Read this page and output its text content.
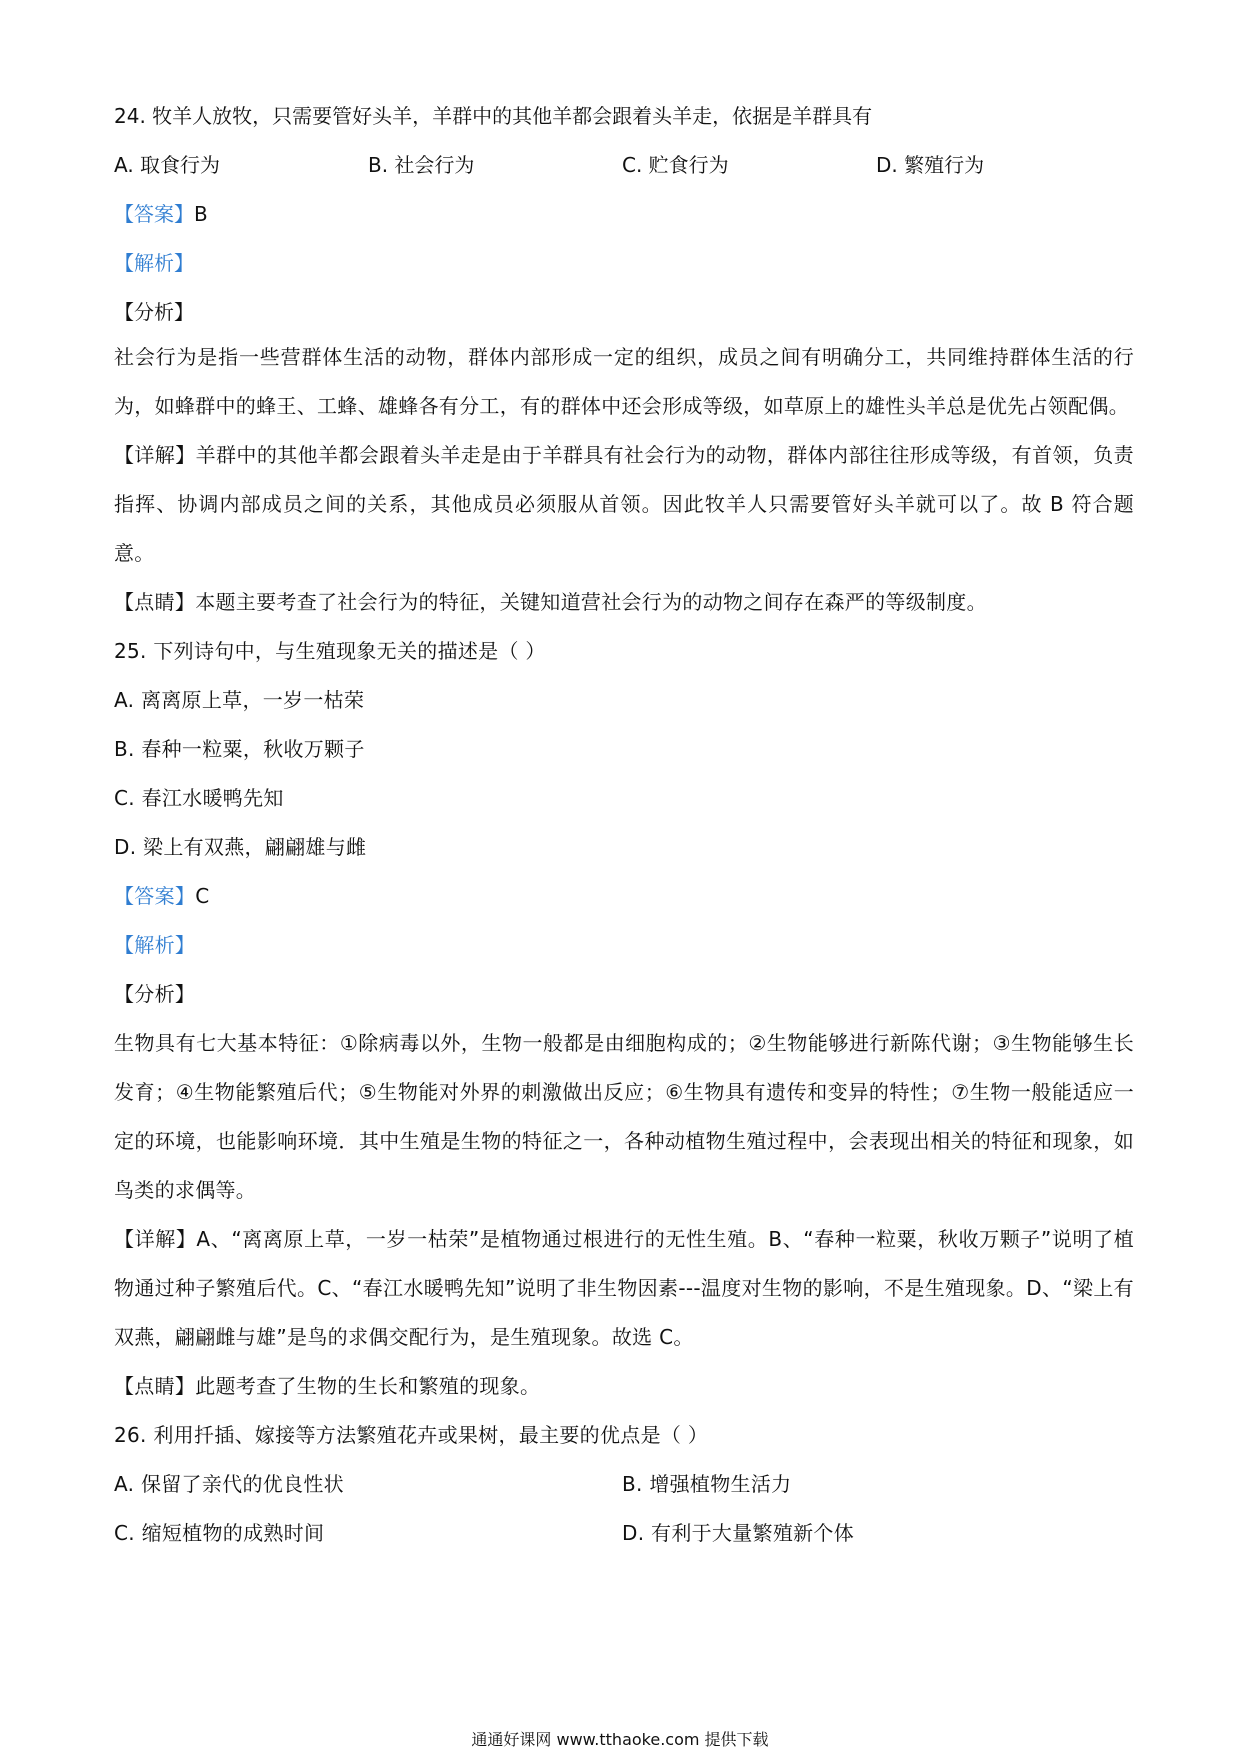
24. 牧羊人放牧，只需要管好头羊，羊群中的其他羊都会跟着头羊走，依据是羊群具有
A. 取食行为	B. 社会行为	C. 贮食行为	D. 繁殖行为
【答案】B
【解析】
【分析】
社会行为是指一些营群体生活的动物，群体内部形成一定的组织，成员之间有明确分工，共同维持群体生活的行为，如蜂群中的蜂王、工蜂、雄蜂各有分工，有的群体中还会形成等级，如草原上的雄性头羊总是优先占领配偶。
【详解】羊群中的其他羊都会跟着头羊走是由于羊群具有社会行为的动物，群体内部往往形成等级，有首领，负责指挥、协调内部成员之间的关系，其他成员必须服从首领。因此牧羊人只需要管好头羊就可以了。故 B 符合题意。
【点睛】本题主要考查了社会行为的特征，关键知道营社会行为的动物之间存在森严的等级制度。
25. 下列诗句中，与生殖现象无关的描述是（ ）
A. 离离原上草，一岁一枯荣
B. 春种一粒粟，秋收万颗子
C. 春江水暖鸭先知
D. 梁上有双燕，翩翩雄与雌
【答案】C
【解析】
【分析】
生物具有七大基本特征：①除病毒以外，生物一般都是由细胞构成的；②生物能够进行新陈代谢；③生物能够生长发育；④生物能繁殖后代；⑤生物能对外界的刺激做出反应；⑥生物具有遗传和变异的特性；⑦生物一般能适应一定的环境，也能影响环境．其中生殖是生物的特征之一，各种动植物生殖过程中，会表现出相关的特征和现象，如鸟类的求偶等。
【详解】A、“离离原上草，一岁一枯荣”是植物通过根进行的无性生殖。B、“春种一粒粟，秋收万颗子”说明了植物通过种子繁殖后代。C、“春江水暖鸭先知”说明了非生物因素---温度对生物的影响，不是生殖现象。D、“梁上有双燕，翩翩雌与雄”是鸟的求偶交配行为，是生殖现象。故选 C。
【点睛】此题考查了生物的生长和繁殖的现象。
26. 利用扦插、嫁接等方法繁殖花卉或果树，最主要的优点是（ ）
A. 保留了亲代的优良性状	B. 增强植物生活力
C. 缩短植物的成熟时间	D. 有利于大量繁殖新个体
通通好课网 www.tthaoke.com 提供下载
